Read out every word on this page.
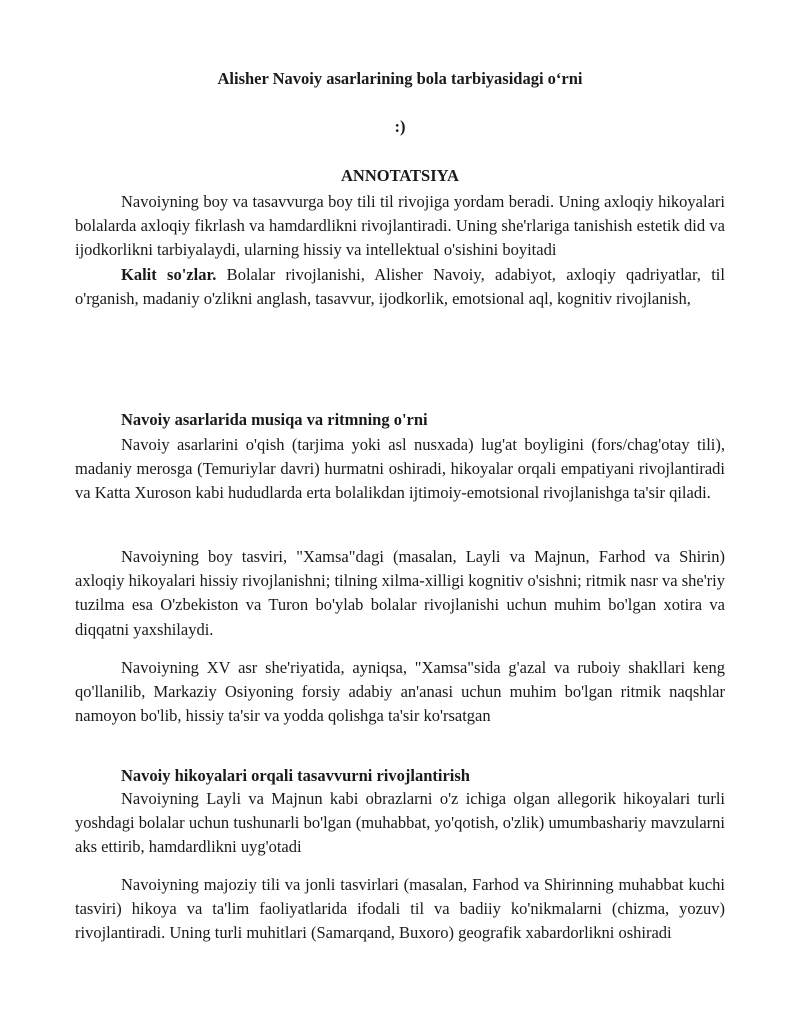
Alisher Navoiy asarlarining bola tarbiyasidagi o‘rni
:)
ANNOTATSIYA

Navoiyning boy va tasavvurga boy tili til rivojiga yordam beradi. Uning axloqiy hikoyalari bolalarda axloqiy fikrlash va hamdardlikni rivojlantiradi. Uning she'rlariga tanishish estetik did va ijodkorlikni tarbiyalaydi, ularning hissiy va intellektual o'sishini boyitadi

Kalit so'zlar. Bolalar rivojlanishi, Alisher Navoiy, adabiyot, axloqiy qadriyatlar, til o'rganish, madaniy o'zlikni anglash, tasavvur, ijodkorlik, emotsional aql, kognitiv rivojlanish,

Navoiy asarlarida musiqa va ritmning o'rni

Navoiy asarlarini o'qish (tarjima yoki asl nusxada) lug'at boyligini (fors/chag'otay tili), madaniy merosga (Temuriylar davri) hurmatni oshiradi, hikoyalar orqali empatiyani rivojlantiradi va Katta Xuroson kabi hududlarda erta bolalikdan ijtimoiy-emotsional rivojlanishga ta'sir qiladi.

Navoiyning boy tasviri, "Xamsa"dagi (masalan, Layli va Majnun, Farhod va Shirin) axloqiy hikoyalari hissiy rivojlanishni; tilning xilma-xilligi kognitiv o'sishni; ritmik nasr va she'riy tuzilma esa O'zbekiston va Turon bo'ylab bolalar rivojlanishi uchun muhim bo'lgan xotira va diqqatni yaxshilaydi.

Navoiyning XV asr she'riyatida, ayniqsa, "Xamsa"sida g'azal va ruboiy shakllari keng qo'llanilib, Markaziy Osiyoning forsiy adabiy an'anasi uchun muhim bo'lgan ritmik naqshlar namoyon bo'lib, hissiy ta'sir va yodda qolishga ta'sir ko'rsatgan

Navoiy hikoyalari orqali tasavvurni rivojlantirish

Navoiyning Layli va Majnun kabi obrazlarni o'z ichiga olgan allegorik hikoyalari turli yoshdagi bolalar uchun tushunarli bo'lgan (muhabbat, yo'qotish, o'zlik) umumbashariy mavzularni aks ettirib, hamdardlikni uyg'otadi

Navoiyning majoziy tili va jonli tasvirlari (masalan, Farhod va Shirinning muhabbat kuchi tasviri) hikoya va ta'lim faoliyatlarida ifodali til va badiiy ko'nikmalarni (chizma, yozuv) rivojlantiradi. Uning turli muhitlari (Samarqand, Buxoro) geografik xabardorlikni oshiradi
